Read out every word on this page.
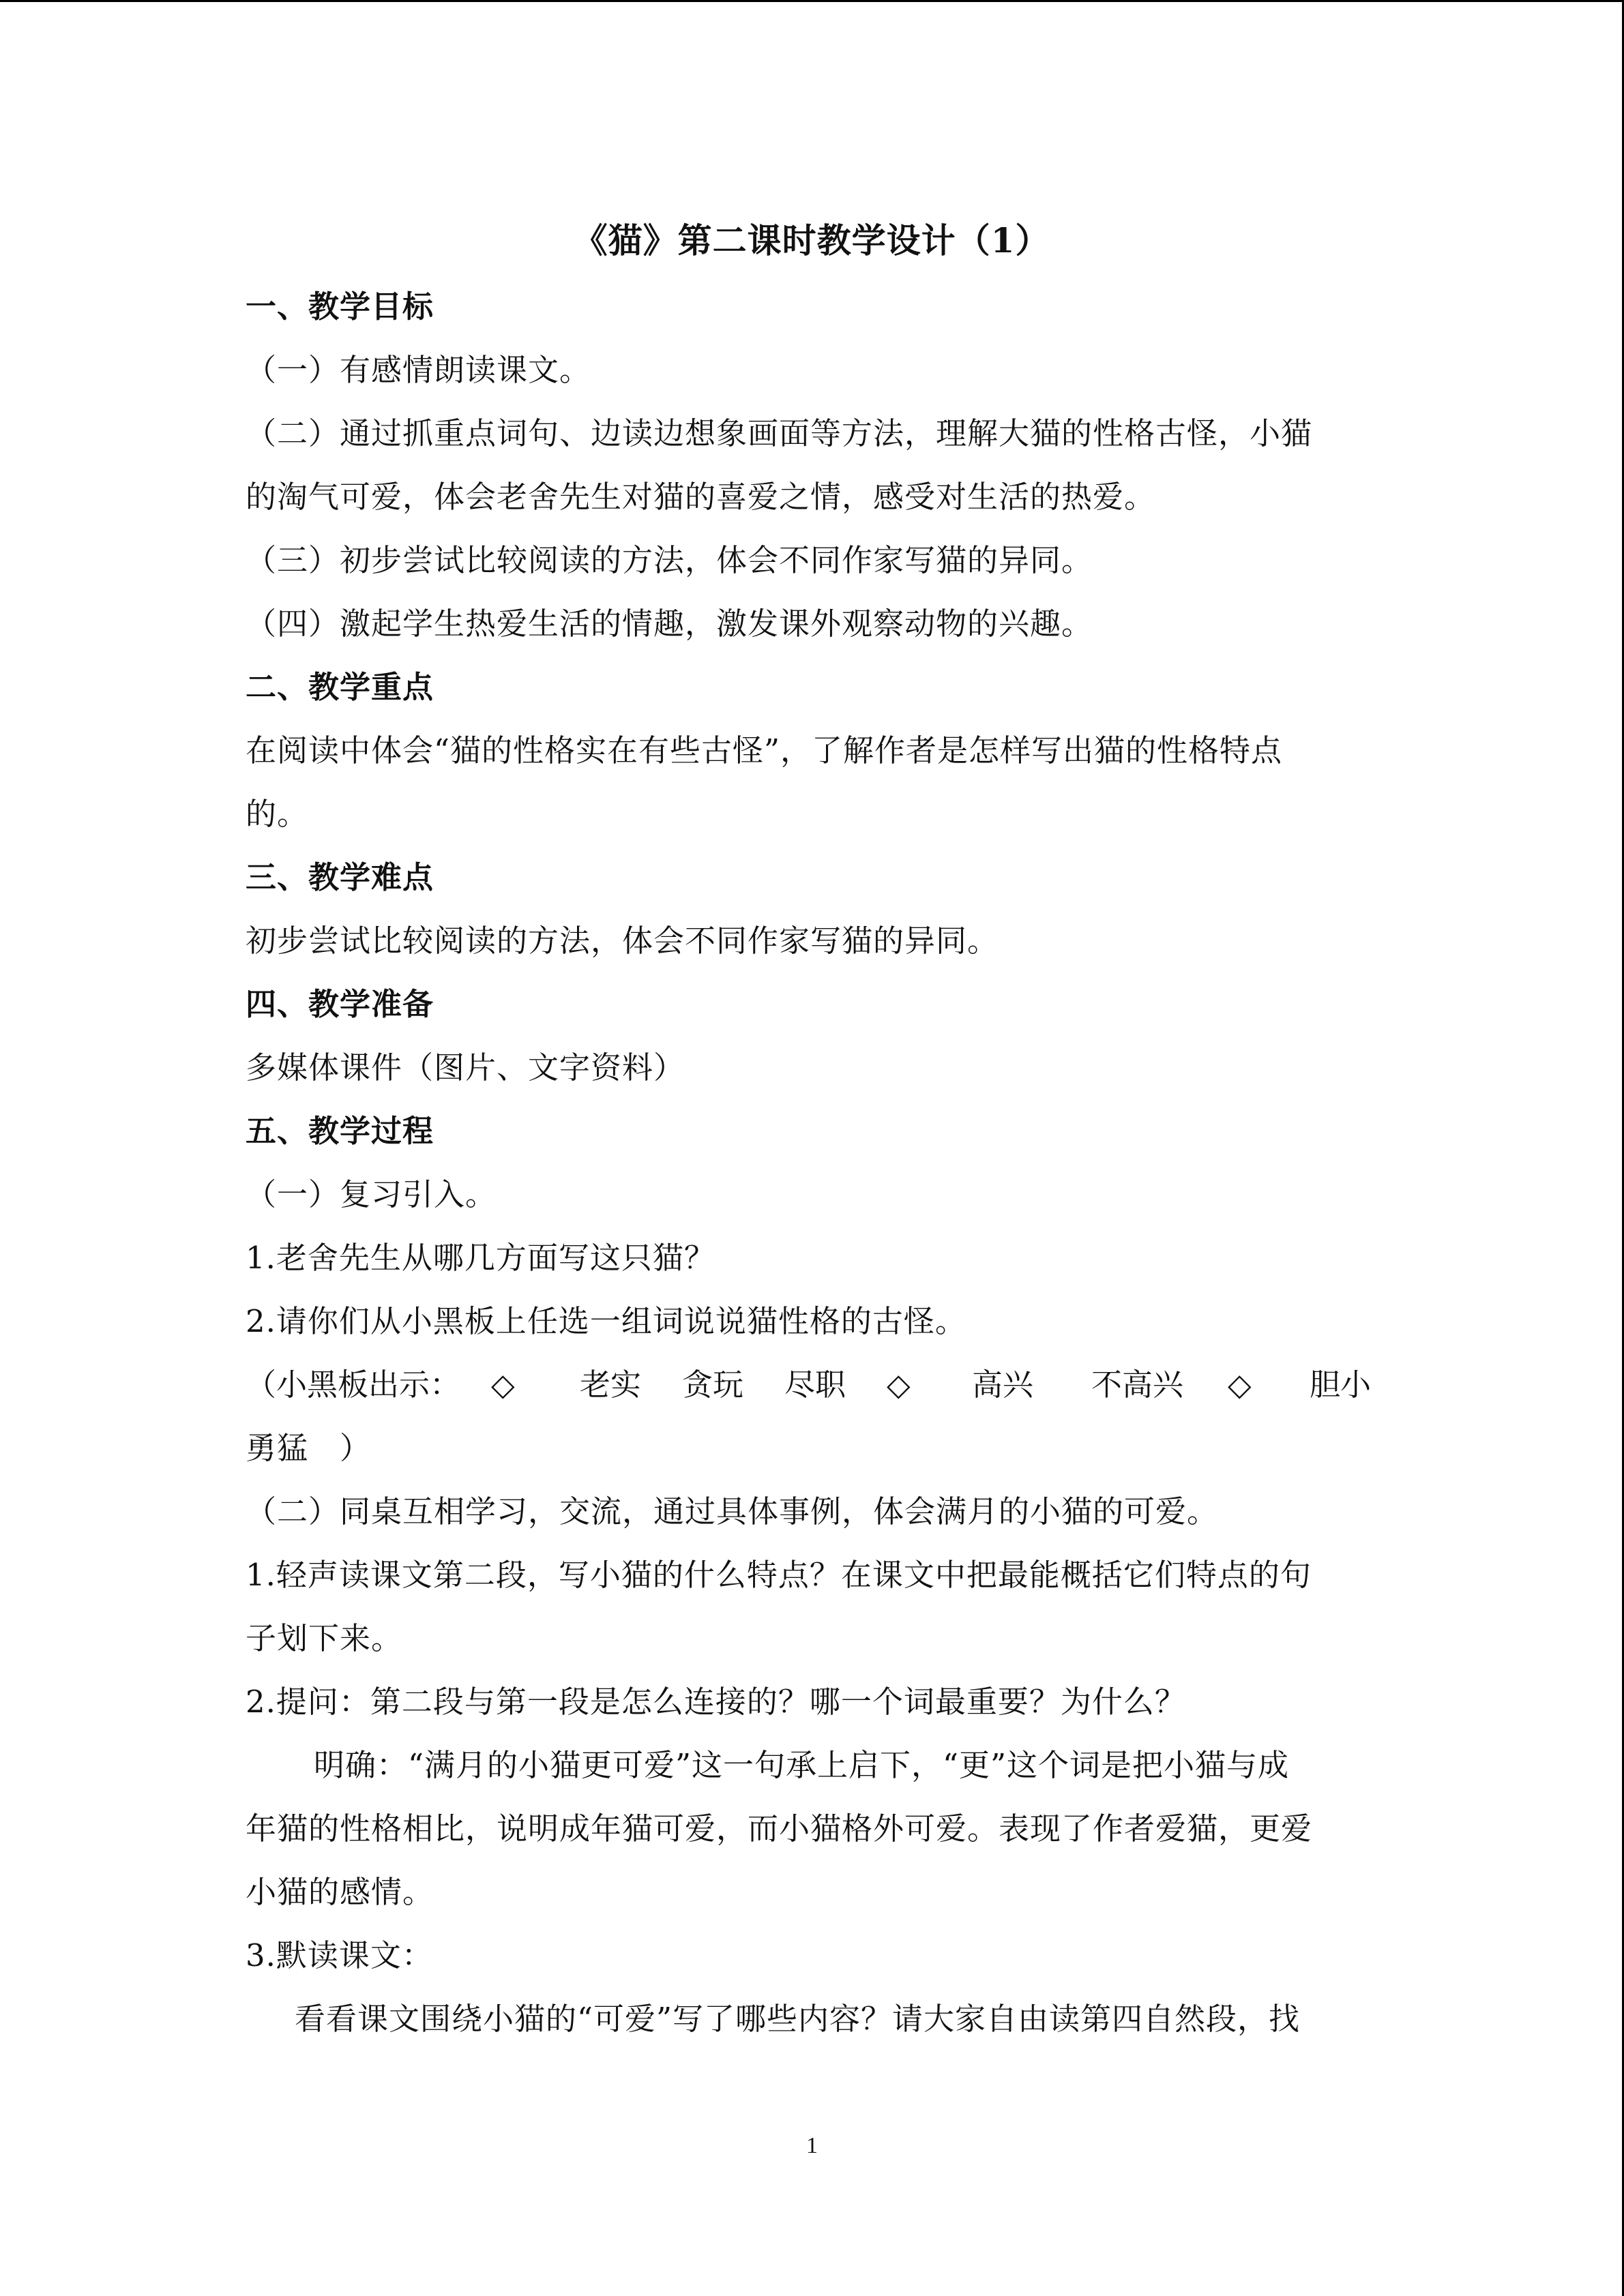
《猫》第二课时教学设计（1）
一、教学目标
（一）有感情朗读课文。
（二）通过抓重点词句、边读边想象画面等方法，理解大猫的性格古怪，小猫
的淘气可爱，体会老舍先生对猫的喜爱之情，感受对生活的热爱。
（三）初步尝试比较阅读的方法，体会不同作家写猫的异同。
（四）激起学生热爱生活的情趣，激发课外观察动物的兴趣。
二、教学重点
在阅读中体会“猫的性格实在有些古怪”，了解作者是怎样写出猫的性格特点
的。
三、教学难点
初步尝试比较阅读的方法，体会不同作家写猫的异同。
四、教学准备
多媒体课件（图片、文字资料）
五、教学过程
（一）复习引入。
1.老舍先生从哪几方面写这只猫？
2.请你们从小黑板上任选一组词说说猫性格的古怪。
（小黑板出示： ◇	老实	贪玩	尽职	◇	高兴	不高兴	◇	胆小
勇猛　）
（二）同桌互相学习，交流，通过具体事例，体会满月的小猫的可爱。
1.轻声读课文第二段，写小猫的什么特点？在课文中把最能概括它们特点的句
子划下来。
2.提问：第二段与第一段是怎么连接的？哪一个词最重要？为什么？
明确：“满月的小猫更可爱”这一句承上启下，“更”这个词是把小猫与成
年猫的性格相比，说明成年猫可爱，而小猫格外可爱。表现了作者爱猫，更爱
小猫的感情。
3.默读课文：
看看课文围绕小猫的“可爱”写了哪些内容？请大家自由读第四自然段，找
1
